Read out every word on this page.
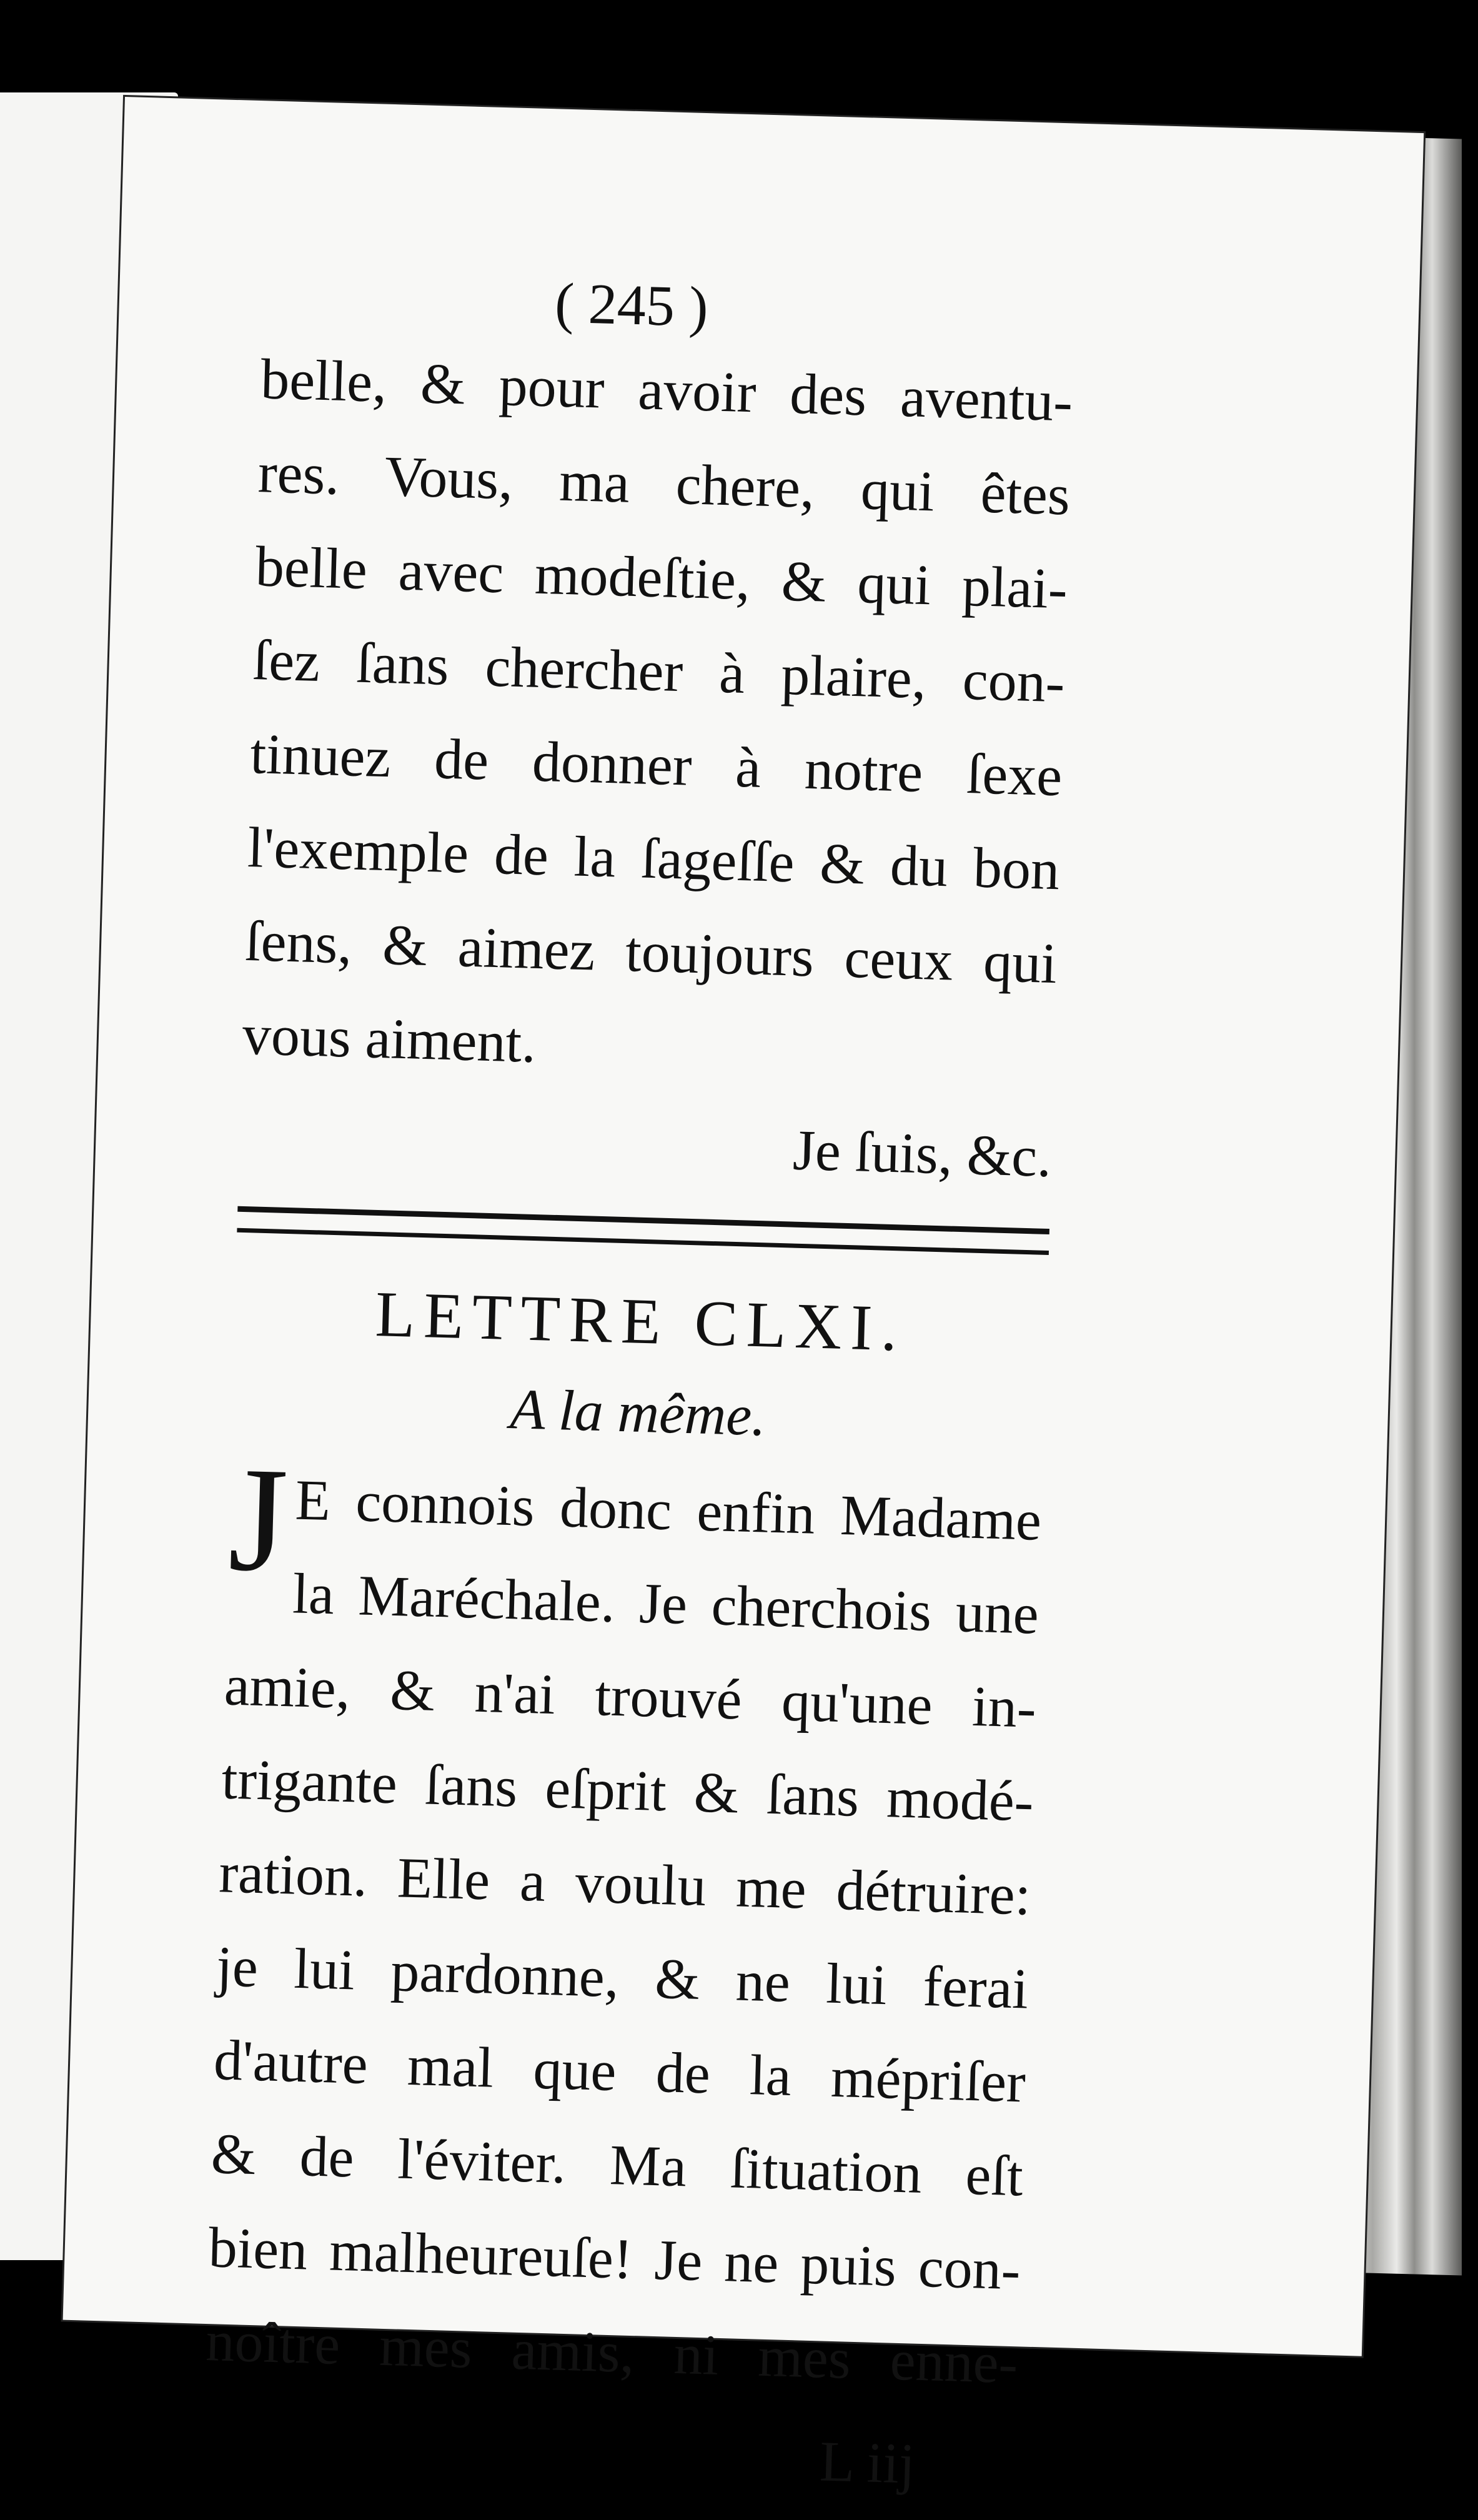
( 245 )
belle, & pour avoir des aventu-
res. Vous, ma chere, qui êtes
belle avec modeſtie, & qui plai-
ſez ſans chercher à plaire, con-
tinuez de donner à notre ſexe
l'exemple de la ſageſſe & du bon
ſens, & aimez toujours ceux qui
vous aiment.
Je ſuis, &c.
LETTRE CLXI.
A la même.
J E connois donc enfin Madame
la Maréchale. Je cherchois une
amie, & n'ai trouvé qu'une in-
trigante ſans eſprit & ſans modé-
ration. Elle a voulu me détruire:
je lui pardonne, & ne lui ferai
d'autre mal que de la mépriſer
& de l'éviter. Ma ſituation eſt
bien malheureuſe! Je ne puis con-
noître mes amis, ni mes enne-
L iij
